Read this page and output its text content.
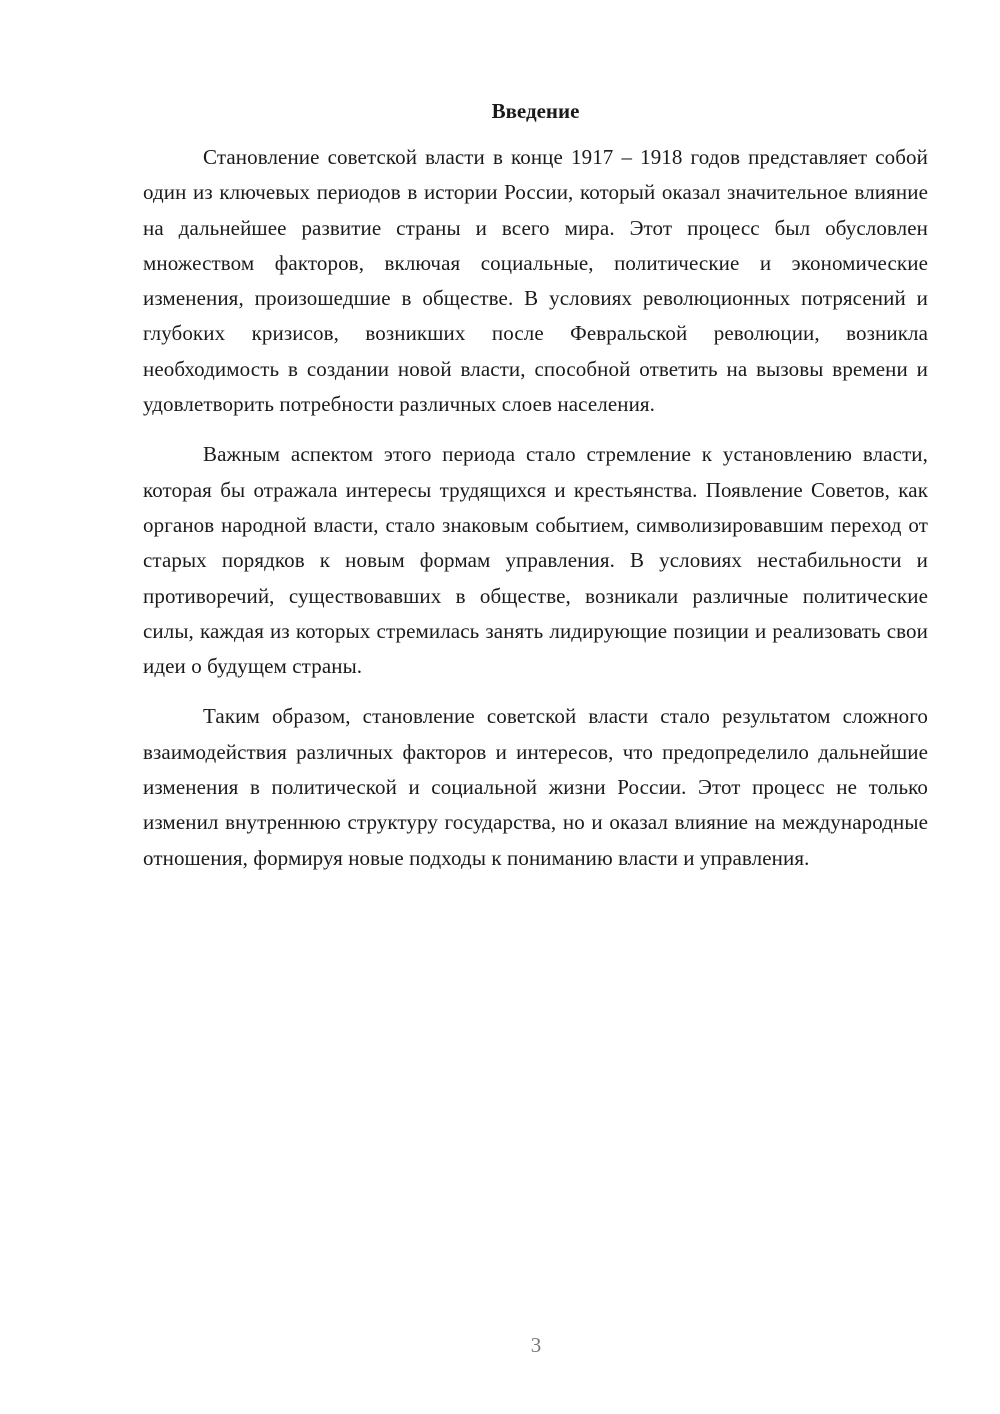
Введение

Становление советской власти в конце 1917 – 1918 годов представляет собой один из ключевых периодов в истории России, который оказал значительное влияние на дальнейшее развитие страны и всего мира. Этот процесс был обусловлен множеством факторов, включая социальные, политические и экономические изменения, произошедшие в обществе. В условиях революционных потрясений и глубоких кризисов, возникших после Февральской революции, возникла необходимость в создании новой власти, способной ответить на вызовы времени и удовлетворить потребности различных слоев населения.

Важным аспектом этого периода стало стремление к установлению власти, которая бы отражала интересы трудящихся и крестьянства. Появление Советов, как органов народной власти, стало знаковым событием, символизировавшим переход от старых порядков к новым формам управления. В условиях нестабильности и противоречий, существовавших в обществе, возникали различные политические силы, каждая из которых стремилась занять лидирующие позиции и реализовать свои идеи о будущем страны.

Таким образом, становление советской власти стало результатом сложного взаимодействия различных факторов и интересов, что предопределило дальнейшие изменения в политической и социальной жизни России. Этот процесс не только изменил внутреннюю структуру государства, но и оказал влияние на международные отношения, формируя новые подходы к пониманию власти и управления.

3
